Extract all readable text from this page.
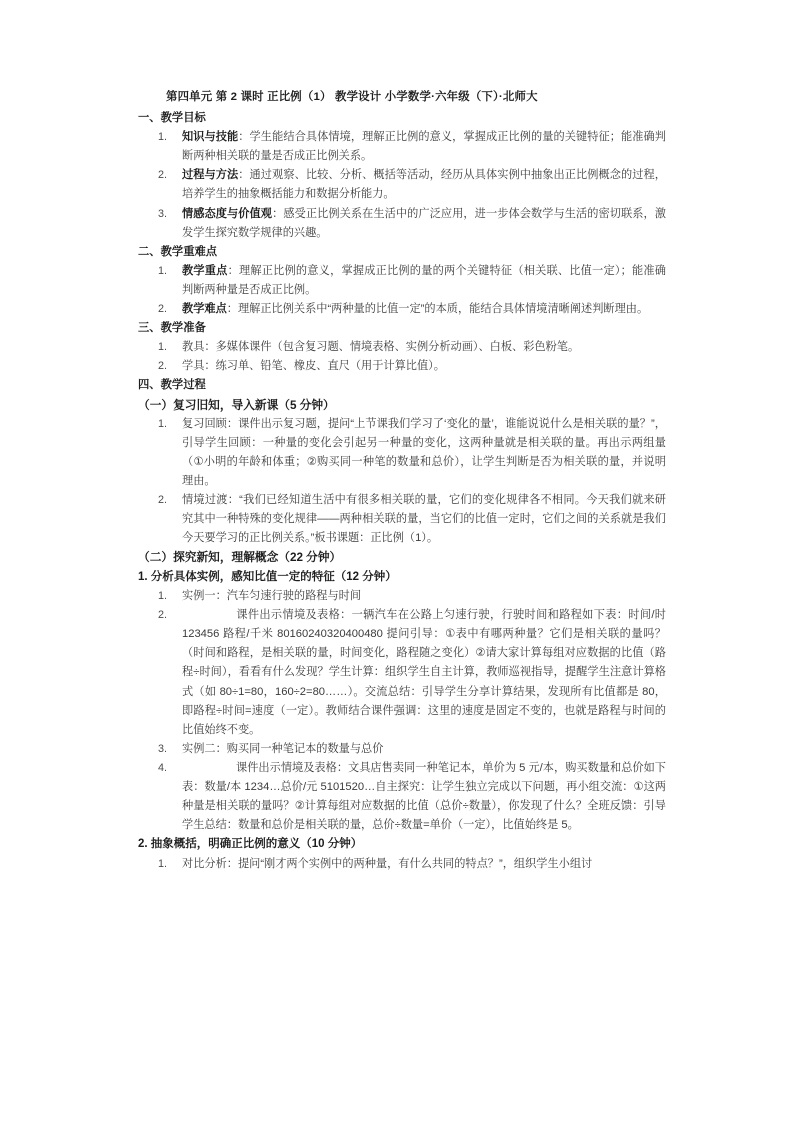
第四单元 第 2 课时 正比例（1） 教学设计 小学数学·六年级（下）·北师大
一、教学目标
知识与技能：学生能结合具体情境，理解正比例的意义，掌握成正比例的量的关键特征；能准确判断两种相关联的量是否成正比例关系。
过程与方法：通过观察、比较、分析、概括等活动，经历从具体实例中抽象出正比例概念的过程，培养学生的抽象概括能力和数据分析能力。
情感态度与价值观：感受正比例关系在生活中的广泛应用，进一步体会数学与生活的密切联系，激发学生探究数学规律的兴趣。
二、教学重难点
教学重点：理解正比例的意义，掌握成正比例的量的两个关键特征（相关联、比值一定）；能准确判断两种量是否成正比例。
教学难点：理解正比例关系中“两种量的比值一定”的本质，能结合具体情境清晰阐述判断理由。
三、教学准备
教具：多媒体课件（包含复习题、情境表格、实例分析动画）、白板、彩色粉笔。
学具：练习单、铅笔、橡皮、直尺（用于计算比值）。
四、教学过程
（一）复习旧知，导入新课（5 分钟）
复习回顾：课件出示复习题，提问“上节课我们学习了‘变化的量’，谁能说说什么是相关联的量？”，引导学生回顾：一种量的变化会引起另一种量的变化，这两种量就是相关联的量。再出示两组量（①小明的年龄和体重；②购买同一种笔的数量和总价），让学生判断是否为相关联的量，并说明理由。
情境过渡：“我们已经知道生活中有很多相关联的量，它们的变化规律各不相同。今天我们就来研究其中一种特殊的变化规律——两种相关联的量，当它们的比值一定时，它们之间的关系就是我们今天要学习的正比例关系。”板书课题：正比例（1）。
（二）探究新知，理解概念（22 分钟）
1. 分析具体实例，感知比值一定的特征（12 分钟）
实例一：汽车匀速行驶的路程与时间
课件出示情境及表格：一辆汽车在公路上匀速行驶，行驶时间和路程如下表：时间/时 123456 路程/千米 80160240320400480 提问引导：①表中有哪两种量？它们是相关联的量吗？（时间和路程，是相关联的量，时间变化，路程随之变化）②请大家计算每组对应数据的比值（路程÷时间），看看有什么发现？学生计算：组织学生自主计算，教师巡视指导，提醒学生注意计算格式（如 80÷1=80，160÷2=80……）。交流总结：引导学生分享计算结果，发现所有比值都是 80，即路程÷时间=速度（一定）。教师结合课件强调：这里的速度是固定不变的，也就是路程与时间的比值始终不变。
实例二：购买同一种笔记本的数量与总价
课件出示情境及表格：文具店售卖同一种笔记本，单价为 5 元/本，购买数量和总价如下表：数量/本 1234…总价/元 5101520…自主探究：让学生独立完成以下问题，再小组交流：①这两种量是相关联的量吗？②计算每组对应数据的比值（总价÷数量），你发现了什么？全班反馈：引导学生总结：数量和总价是相关联的量，总价÷数量=单价（一定），比值始终是 5。
2. 抽象概括，明确正比例的意义（10 分钟）
对比分析：提问“刚才两个实例中的两种量，有什么共同的特点？”，组织学生小组讨
